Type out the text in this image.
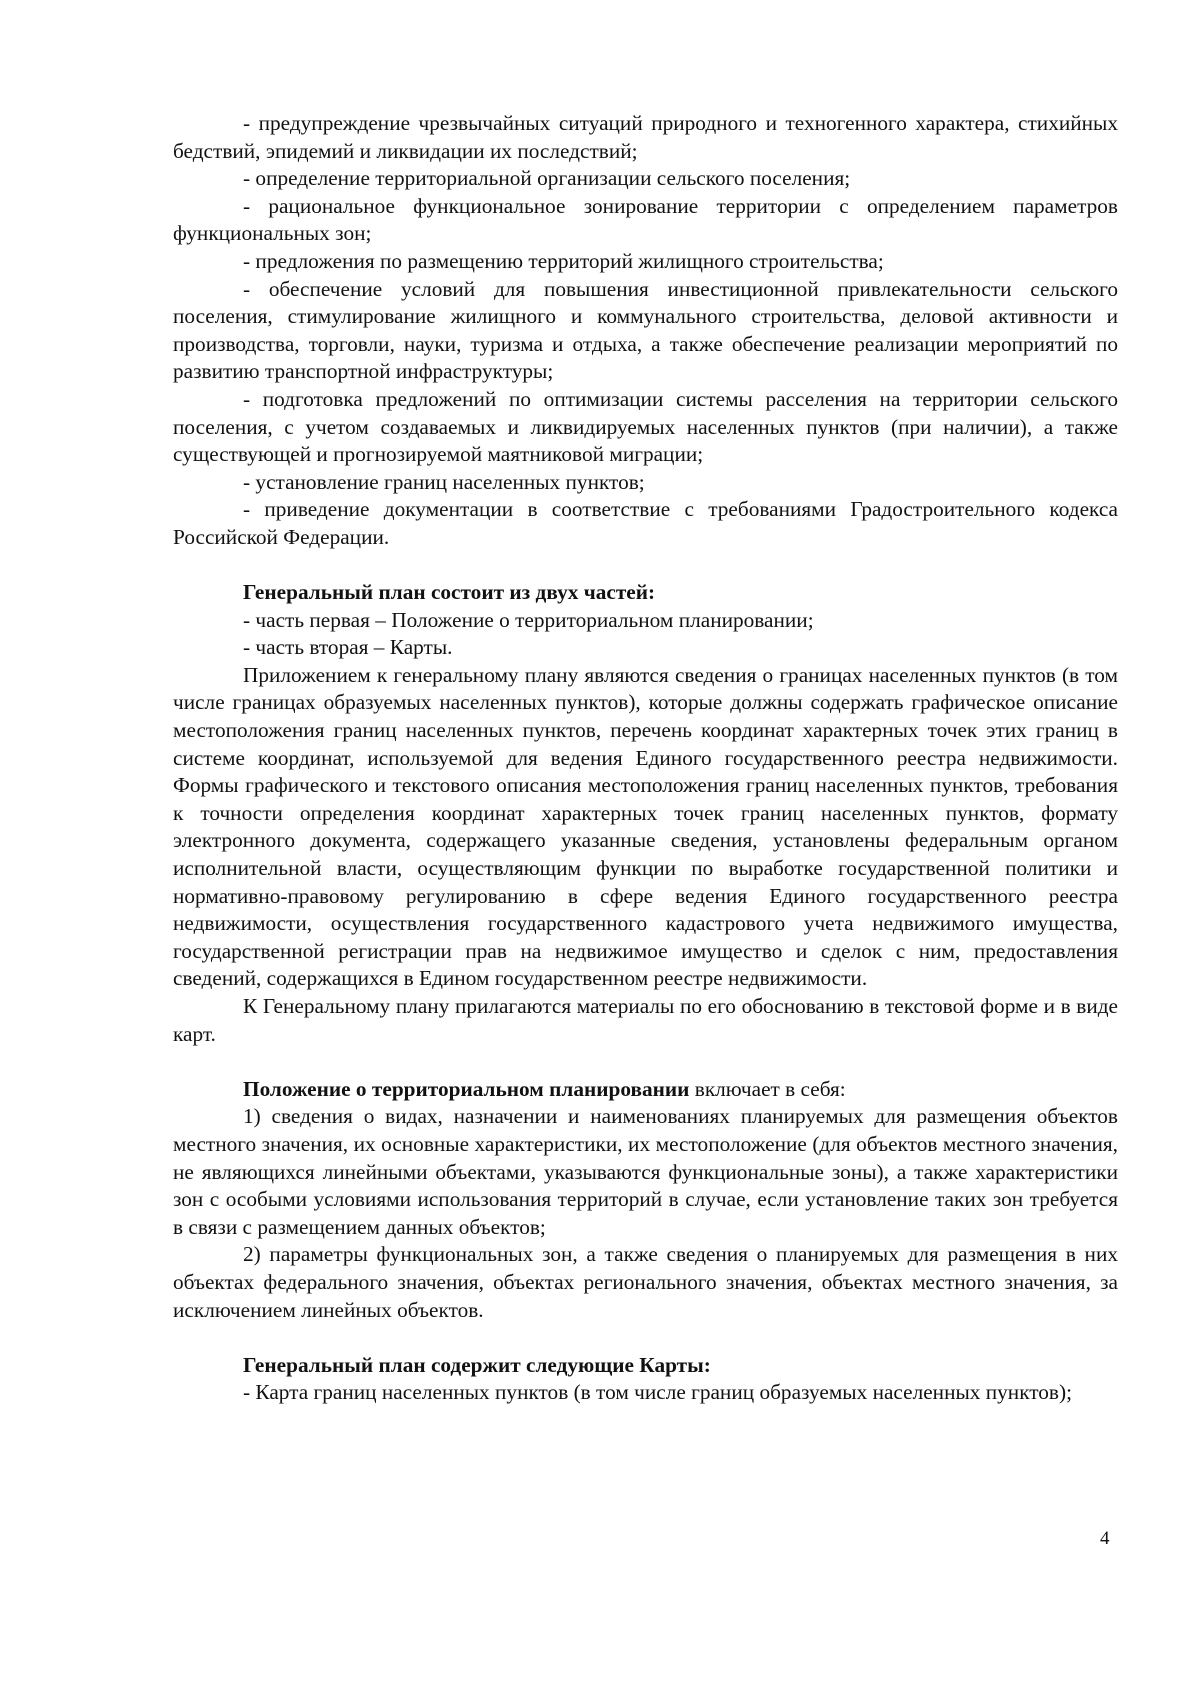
- предупреждение чрезвычайных ситуаций природного и техногенного характера, стихийных бедствий, эпидемий и ликвидации их последствий;

- определение территориальной организации сельского поселения;

- рациональное функциональное зонирование территории с определением параметров функциональных зон;

- предложения по размещению территорий жилищного строительства;

- обеспечение условий для повышения инвестиционной привлекательности сельского поселения, стимулирование жилищного и коммунального строительства, деловой активности и производства, торговли, науки, туризма и отдыха, а также обеспечение реализации мероприятий по развитию транспортной инфраструктуры;

- подготовка предложений по оптимизации системы расселения на территории сельского поселения, с учетом создаваемых и ликвидируемых населенных пунктов (при наличии), а также существующей и прогнозируемой маятниковой миграции;

- установление границ населенных пунктов;

- приведение документации в соответствие с требованиями Градостроительного кодекса Российской Федерации.

Генеральный план состоит из двух частей:

- часть первая – Положение о территориальном планировании;

- часть вторая – Карты.

Приложением к генеральному плану являются сведения о границах населенных пунктов (в том числе границах образуемых населенных пунктов), которые должны содержать графическое описание местоположения границ населенных пунктов, перечень координат характерных точек этих границ в системе координат, используемой для ведения Единого государственного реестра недвижимости. Формы графического и текстового описания местоположения границ населенных пунктов, требования к точности определения координат характерных точек границ населенных пунктов, формату электронного документа, содержащего указанные сведения, установлены федеральным органом исполнительной власти, осуществляющим функции по выработке государственной политики и нормативно-правовому регулированию в сфере ведения Единого государственного реестра недвижимости, осуществления государственного кадастрового учета недвижимого имущества, государственной регистрации прав на недвижимое имущество и сделок с ним, предоставления сведений, содержащихся в Едином государственном реестре недвижимости.

К Генеральному плану прилагаются материалы по его обоснованию в текстовой форме и в виде карт.

Положение о территориальном планировании включает в себя:

1) сведения о видах, назначении и наименованиях планируемых для размещения объектов местного значения, их основные характеристики, их местоположение (для объектов местного значения, не являющихся линейными объектами, указываются функциональные зоны), а также характеристики зон с особыми условиями использования территорий в случае, если установление таких зон требуется в связи с размещением данных объектов;

2) параметры функциональных зон, а также сведения о планируемых для размещения в них объектах федерального значения, объектах регионального значения, объектах местного значения, за исключением линейных объектов.

Генеральный план содержит следующие Карты:

- Карта границ населенных пунктов (в том числе границ образуемых населенных пунктов);

4
